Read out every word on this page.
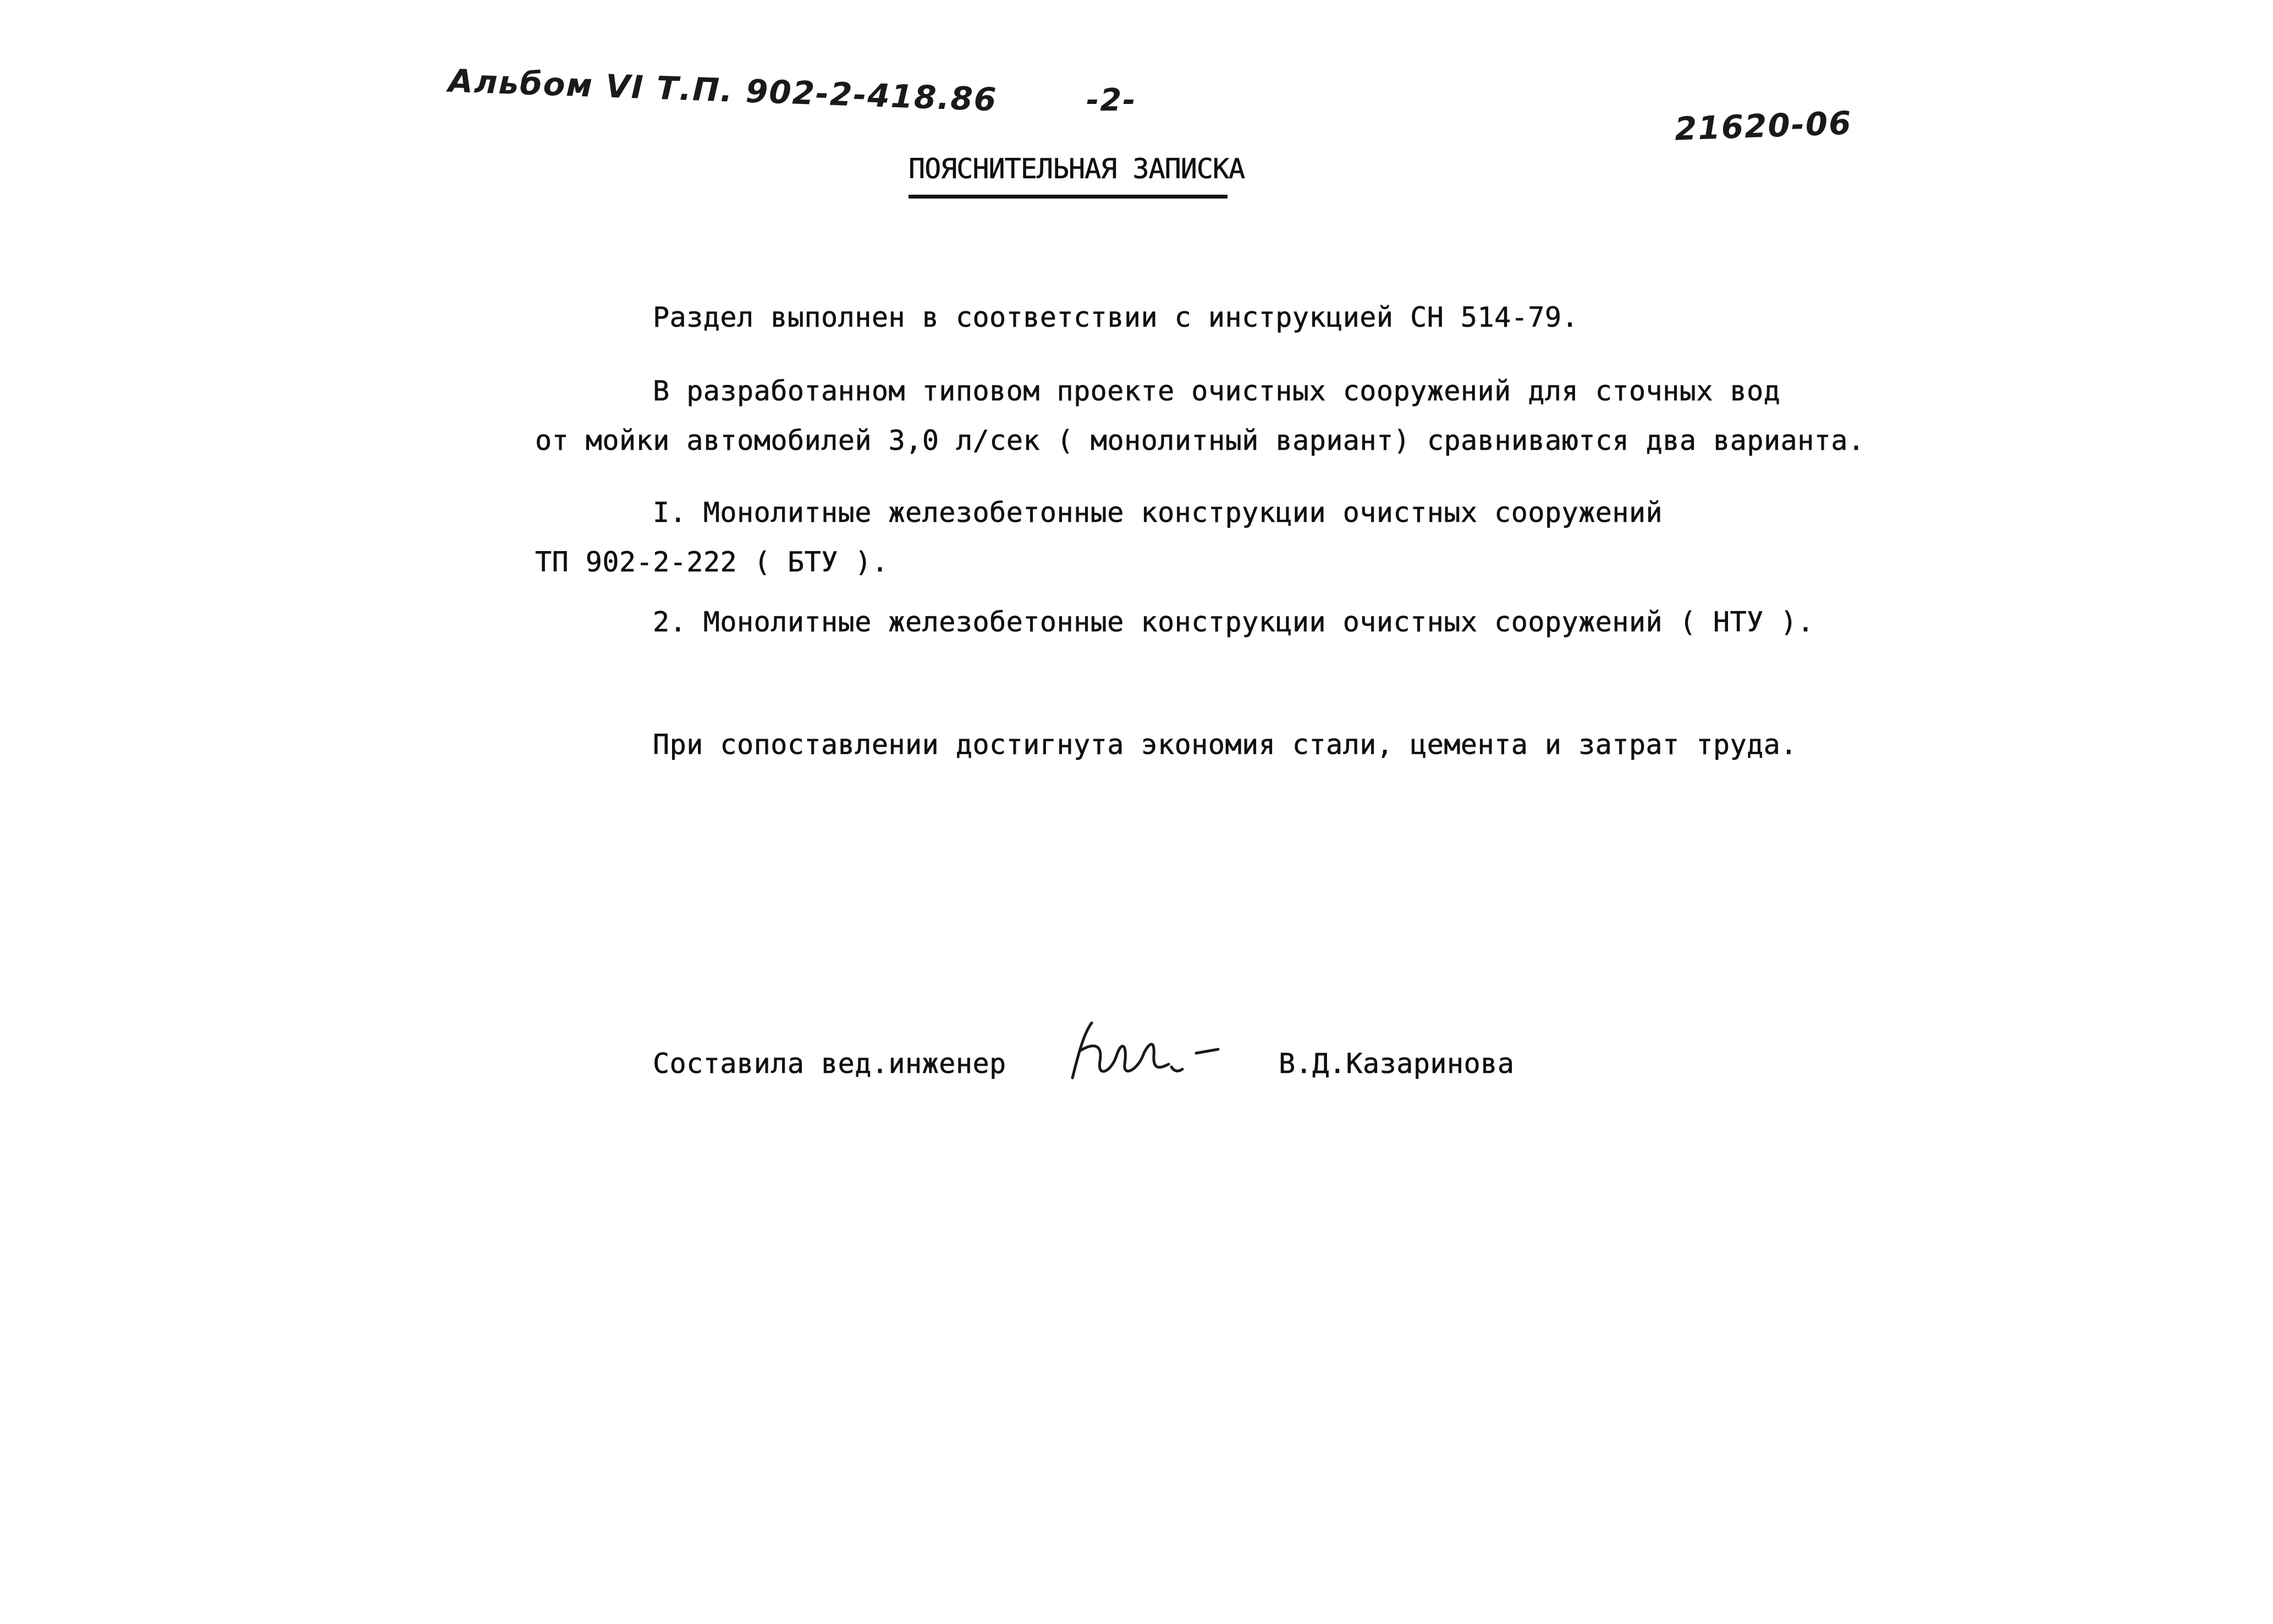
Альбом VI Т.П. 902-2-418.86	-2-
21620-06
ПОЯСНИТЕЛЬНАЯ ЗАПИСКА
Раздел выполнен в соответствии с инструкцией СН 514-79.
В разработанном типовом проекте очистных сооружений для сточных вод
от мойки автомобилей 3,0 л/сек ( монолитный вариант) сравниваются два варианта.
I. Монолитные железобетонные конструкции очистных сооружений
ТП 902-2-222 ( БТУ ).
2. Монолитные железобетонные конструкции очистных сооружений ( НТУ ).
При сопоставлении достигнута экономия стали, цемента и затрат труда.
Составила вед.инженер	В.Д.Казаринова
